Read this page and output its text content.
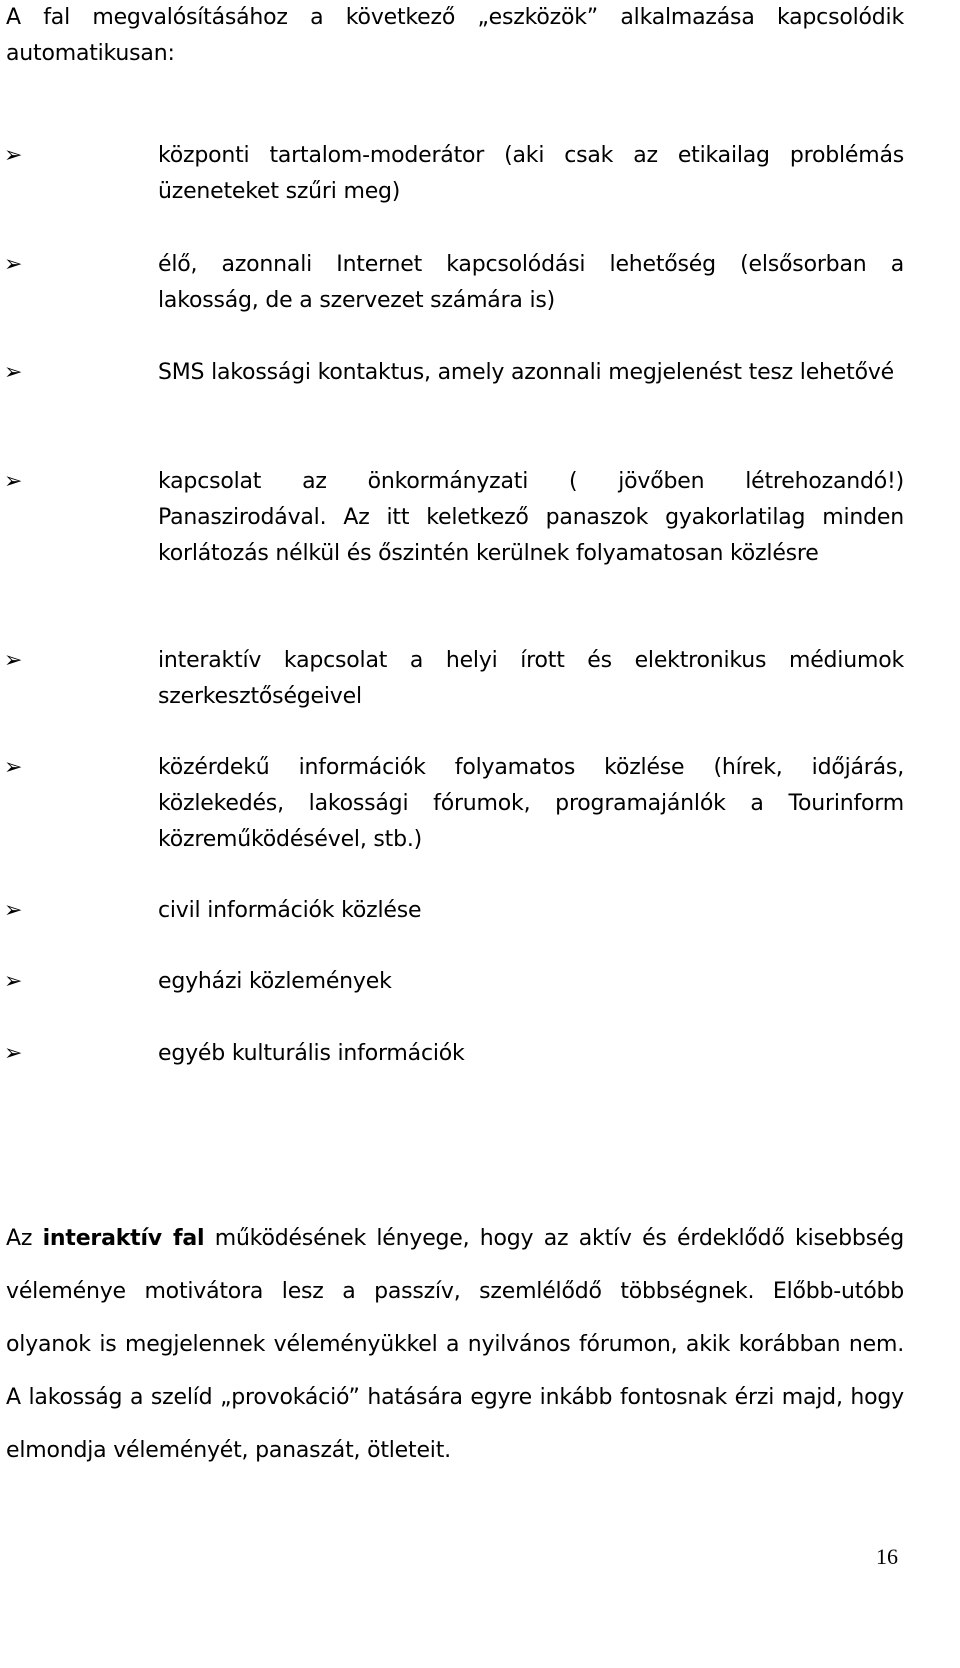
A fal megvalósításához a következő „eszközök” alkalmazása kapcsolódik automatikusan:

➢	központi tartalom-moderátor (aki csak az etikailag problémás üzeneteket szűri meg)
➢	élő, azonnali Internet kapcsolódási lehetőség (elsősorban a lakosság, de a szervezet számára is)
➢	SMS lakossági kontaktus, amely azonnali megjelenést tesz lehetővé
➢	kapcsolat az önkormányzati ( jövőben létrehozandó!) Panaszirodával. Az itt keletkező panaszok gyakorlatilag minden korlátozás nélkül és őszintén kerülnek folyamatosan közlésre
➢	interaktív kapcsolat a helyi írott és elektronikus médiumok szerkesztőségeivel
➢	közérdekű információk folyamatos közlése (hírek, időjárás, közlekedés, lakossági fórumok, programajánlók a Tourinform közreműködésével, stb.)
➢	civil információk közlése
➢	egyházi közlemények
➢	egyéb kulturális információk

Az interaktív fal működésének lényege, hogy az aktív és érdeklődő kisebbség véleménye motivátora lesz a passzív, szemlélődő többségnek. Előbb-utóbb olyanok is megjelennek véleményükkel a nyilvános fórumon, akik korábban nem. A lakosság a szelíd „provokáció” hatására egyre inkább fontosnak érzi majd, hogy elmondja véleményét, panaszát, ötleteit.

16
